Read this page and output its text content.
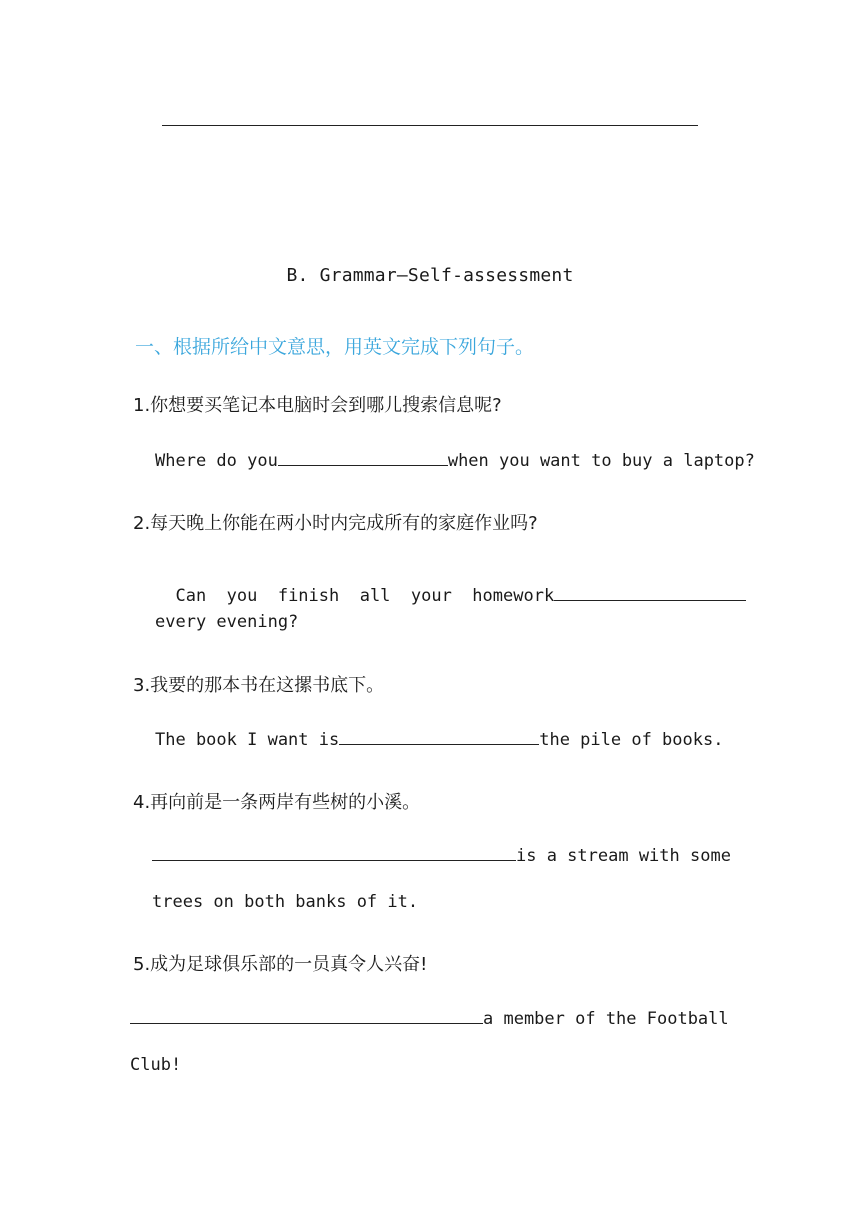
B. Grammar—Self-assessment
一、根据所给中文意思，用英文完成下列句子。
1.你想要买笔记本电脑时会到哪儿搜索信息呢?
Where do you	when you want to buy a laptop?
2.每天晚上你能在两小时内完成所有的家庭作业吗?

Can  you  finish  all  your  homework

every evening?
3.我要的那本书在这摞书底下。
The book I want is	the pile of books.
4.再向前是一条两岸有些树的小溪。
is a stream with some
trees on both banks of it.
5.成为足球俱乐部的一员真令人兴奋!
a member of the Football
Club!
